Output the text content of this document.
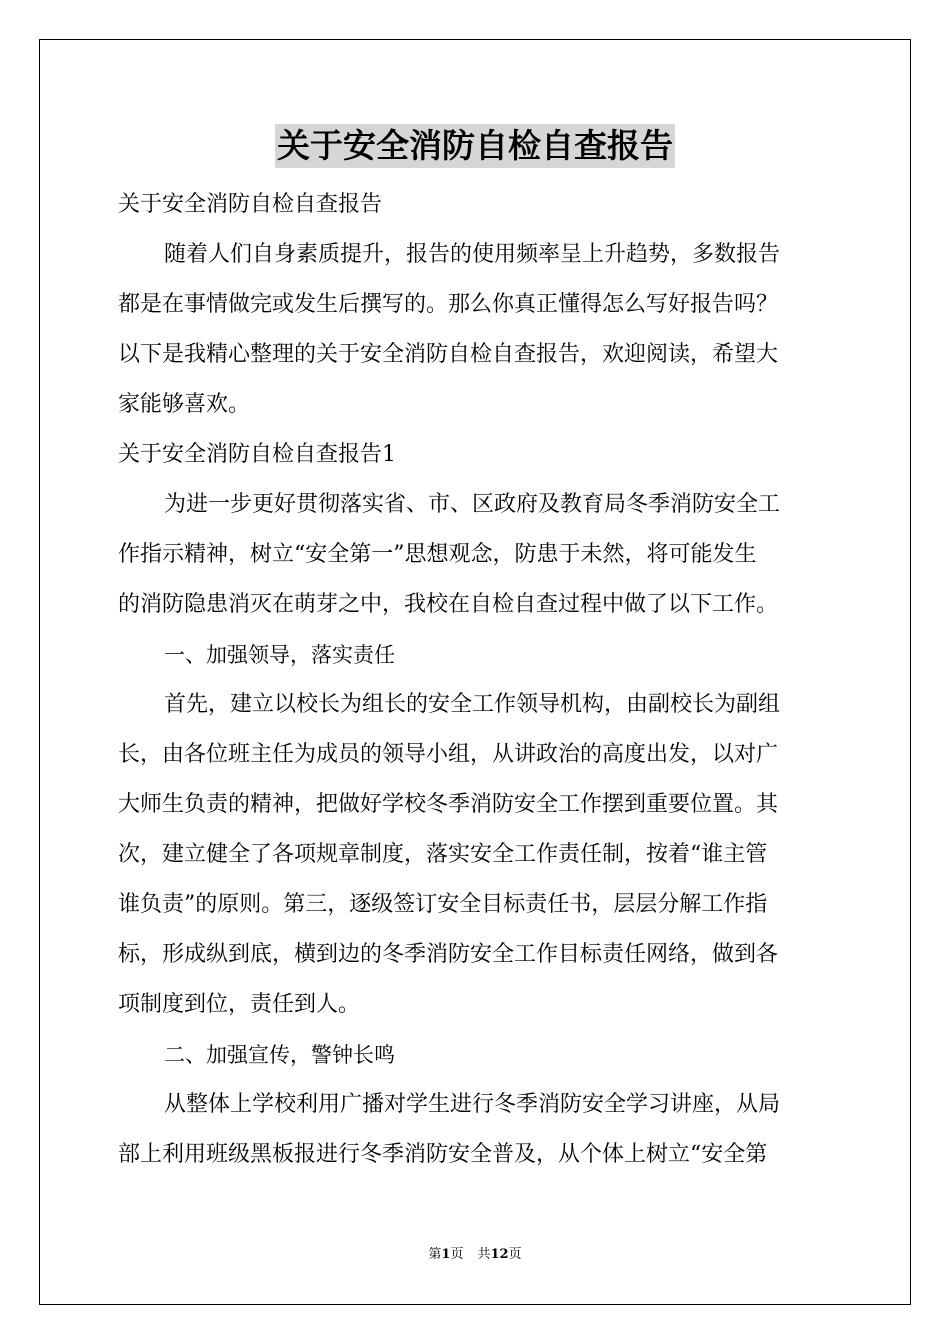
关于安全消防自检自查报告
关于安全消防自检自查报告
随着人们自身素质提升，报告的使用频率呈上升趋势，多数报告
都是在事情做完或发生后撰写的。那么你真正懂得怎么写好报告吗？
以下是我精心整理的关于安全消防自检自查报告，欢迎阅读，希望大
家能够喜欢。
关于安全消防自检自查报告1
为进一步更好贯彻落实省、市、区政府及教育局冬季消防安全工
作指示精神，树立“安全第一”思想观念，防患于未然，将可能发生
的消防隐患消灭在萌芽之中，我校在自检自查过程中做了以下工作。
一、加强领导，落实责任
首先，建立以校长为组长的安全工作领导机构，由副校长为副组
长，由各位班主任为成员的领导小组，从讲政治的高度出发，以对广
大师生负责的精神，把做好学校冬季消防安全工作摆到重要位置。其
次，建立健全了各项规章制度，落实安全工作责任制，按着“谁主管
谁负责”的原则。第三，逐级签订安全目标责任书，层层分解工作指
标，形成纵到底，横到边的冬季消防安全工作目标责任网络，做到各
项制度到位，责任到人。
二、加强宣传，警钟长鸣
从整体上学校利用广播对学生进行冬季消防安全学习讲座，从局
部上利用班级黑板报进行冬季消防安全普及，从个体上树立“安全第
第1页 共12页
